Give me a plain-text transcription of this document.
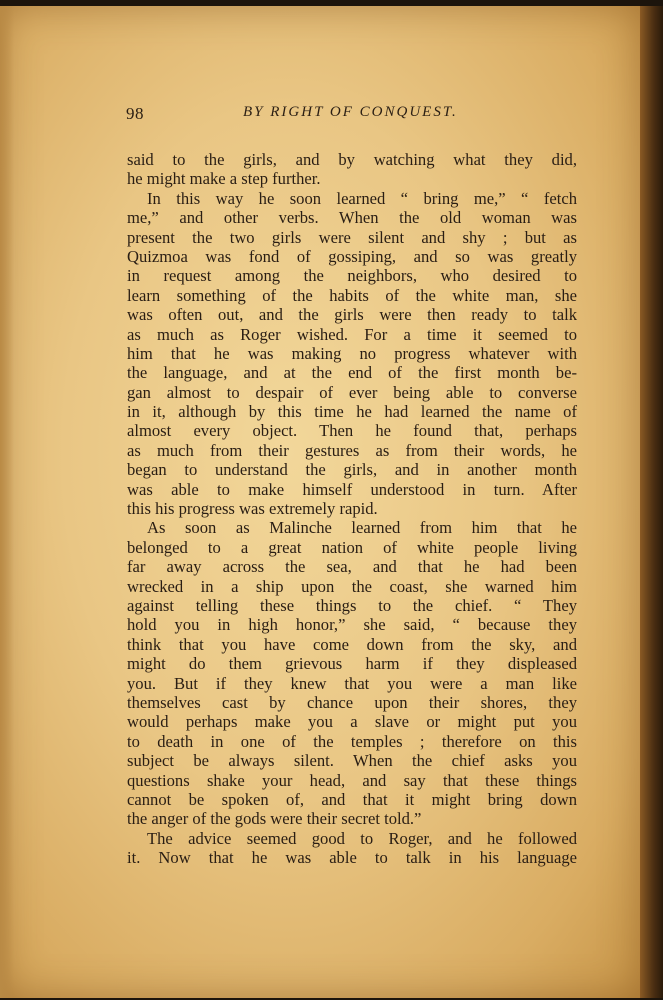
98	BY RIGHT OF CONQUEST.
said to the girls, and by watching what they did,
he might make a step further.
In this way he soon learned “ bring me,” “ fetch
me,” and other verbs. When the old woman was
present the two girls were silent and shy ; but as
Quizmoa was fond of gossiping, and so was greatly
in request among the neighbors, who desired to
learn something of the habits of the white man, she
was often out, and the girls were then ready to talk
as much as Roger wished. For a time it seemed to
him that he was making no progress whatever with
the language, and at the end of the first month be-
gan almost to despair of ever being able to converse
in it, although by this time he had learned the name of
almost every object. Then he found that, perhaps
as much from their gestures as from their words, he
began to understand the girls, and in another month
was able to make himself understood in turn. After
this his progress was extremely rapid.
As soon as Malinche learned from him that he
belonged to a great nation of white people living
far away across the sea, and that he had been
wrecked in a ship upon the coast, she warned him
against telling these things to the chief. “ They
hold you in high honor,” she said, “ because they
think that you have come down from the sky, and
might do them grievous harm if they displeased
you. But if they knew that you were a man like
themselves cast by chance upon their shores, they
would perhaps make you a slave or might put you
to death in one of the temples ; therefore on this
subject be always silent. When the chief asks you
questions shake your head, and say that these things
cannot be spoken of, and that it might bring down
the anger of the gods were their secret told.”
The advice seemed good to Roger, and he followed
it. Now that he was able to talk in his language
